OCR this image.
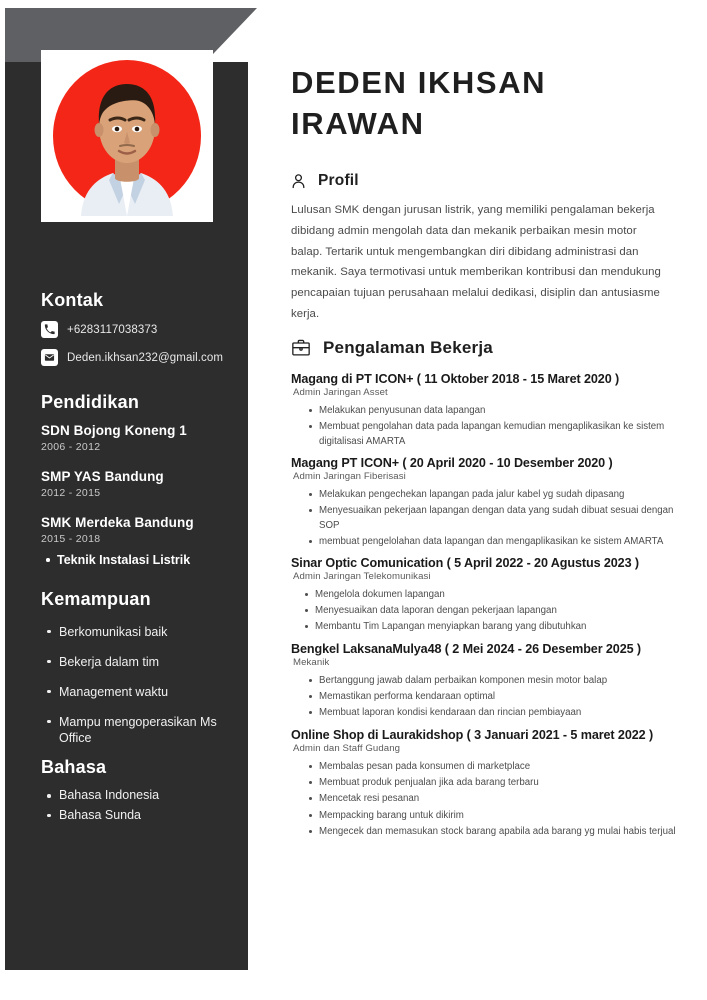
Kontak
+6283117038373
Deden.ikhsan232@gmail.com
Pendidikan
SDN Bojong Koneng 1
2006 - 2012
SMP YAS Bandung
2012 - 2015
SMK Merdeka Bandung
2015 - 2018
Teknik Instalasi Listrik
Kemampuan
Berkomunikasi baik
Bekerja dalam tim
Management waktu
Mampu mengoperasikan Ms Office
Bahasa
Bahasa Indonesia
Bahasa Sunda
DEDEN IKHSAN
IRAWAN
Profil

Lulusan SMK dengan jurusan listrik, yang memiliki pengalaman bekerja dibidang admin mengolah data dan mekanik perbaikan mesin motor balap. Tertarik untuk mengembangkan diri dibidang administrasi dan mekanik. Saya termotivasi untuk memberikan kontribusi dan mendukung pencapaian tujuan perusahaan melalui dedikasi, disiplin dan antusiasme kerja.

Pengalaman Bekerja
Magang di PT ICON+ ( 11 Oktober 2018 - 15 Maret 2020 )
Admin Jaringan Asset
Melakukan penyusunan data lapangan
Membuat pengolahan data pada lapangan kemudian mengaplikasikan ke sistem digitalisasi AMARTA
Magang PT ICON+ ( 20 April 2020 - 10 Desember 2020 )
Admin Jaringan Fiberisasi
Melakukan pengechekan lapangan pada jalur kabel yg sudah dipasang
Menyesuaikan pekerjaan lapangan dengan data yang sudah dibuat sesuai dengan SOP
membuat pengelolahan data lapangan dan mengaplikasikan ke sistem AMARTA
Sinar Optic Comunication ( 5 April 2022 - 20 Agustus 2023 )
Admin Jaringan Telekomunikasi
Mengelola dokumen lapangan
Menyesuaikan data laporan dengan pekerjaan lapangan
Membantu Tim Lapangan menyiapkan barang yang dibutuhkan
Bengkel LaksanaMulya48 ( 2 Mei 2024 - 26 Desember 2025 )
Mekanik
Bertanggung jawab dalam perbaikan komponen mesin motor balap
Memastikan performa kendaraan optimal
Membuat laporan kondisi kendaraan dan rincian pembiayaan
Online Shop di Laurakidshop ( 3 Januari 2021 - 5 maret 2022 )
Admin dan Staff Gudang
Membalas pesan pada konsumen di marketplace
Membuat produk penjualan jika ada barang terbaru
Mencetak resi pesanan
Mempacking barang untuk dikirim
Mengecek dan memasukan stock barang apabila ada barang yg mulai habis terjual
